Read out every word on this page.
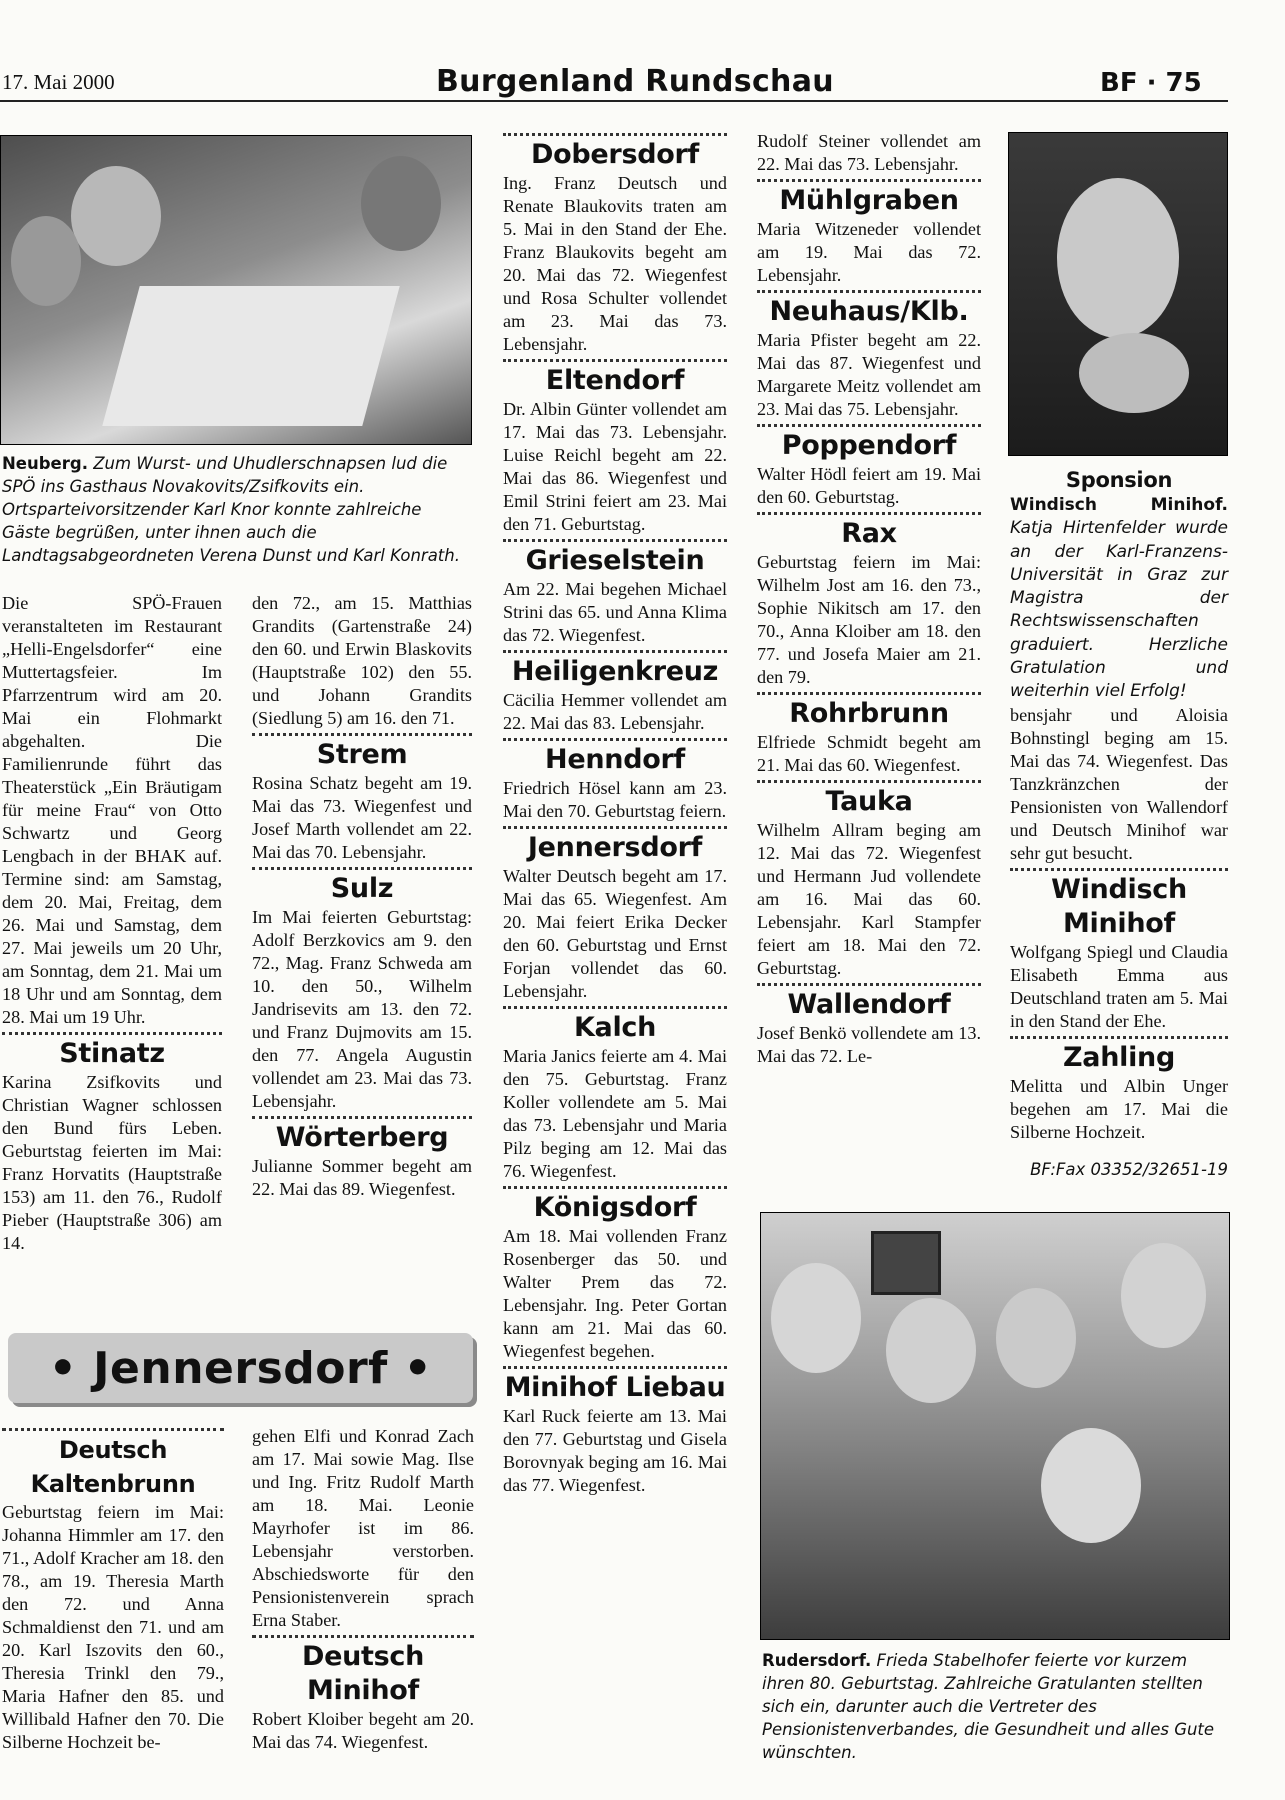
17. Mai 2000	Burgenland Rundschau	BF · 75
Neuberg. Zum Wurst- und Uhudlerschnapsen lud die SPÖ ins Gasthaus Novakovits/Zsifkovits ein. Ortsparteivorsitzender Karl Knor konnte zahlreiche Gäste begrüßen, unter ihnen auch die Landtagsabgeordneten Verena Dunst und Karl Konrath.

Die SPÖ-Frauen veranstalteten im Restaurant „Helli-Engelsdorfer“ eine Muttertagsfeier. Im Pfarrzentrum wird am 20. Mai ein Flohmarkt abgehalten. Die Familienrunde führt das Theaterstück „Ein Bräutigam für meine Frau“ von Otto Schwartz und Georg Lengbach in der BHAK auf. Termine sind: am Samstag, dem 20. Mai, Freitag, dem 26. Mai und Samstag, dem 27. Mai jeweils um 20 Uhr, am Sonntag, dem 21. Mai um 18 Uhr und am Sonntag, dem 28. Mai um 19 Uhr.

Stinatz

Karina Zsifkovits und Christian Wagner schlossen den Bund fürs Leben. Geburtstag feierten im Mai: Franz Horvatits (Hauptstraße 153) am 11. den 76., Rudolf Pieber (Hauptstraße 306) am 14.

den 72., am 15. Matthias Grandits (Gartenstraße 24) den 60. und Erwin Blaskovits (Hauptstraße 102) den 55. und Johann Grandits (Siedlung 5) am 16. den 71.

Strem

Rosina Schatz begeht am 19. Mai das 73. Wiegenfest und Josef Marth vollendet am 22. Mai das 70. Lebensjahr.

Sulz

Im Mai feierten Geburtstag: Adolf Berzkovics am 9. den 72., Mag. Franz Schweda am 10. den 50., Wilhelm Jandrisevits am 13. den 72. und Franz Dujmovits am 15. den 77. Angela Augustin vollendet am 23. Mai das 73. Lebensjahr.

Wörterberg

Julianne Sommer begeht am 22. Mai das 89. Wiegenfest.

Dobersdorf

Ing. Franz Deutsch und Renate Blaukovits traten am 5. Mai in den Stand der Ehe. Franz Blaukovits begeht am 20. Mai das 72. Wiegenfest und Rosa Schulter vollendet am 23. Mai das 73. Lebensjahr.

Eltendorf

Dr. Albin Günter vollendet am 17. Mai das 73. Lebensjahr. Luise Reichl begeht am 22. Mai das 86. Wiegenfest und Emil Strini feiert am 23. Mai den 71. Geburtstag.

Grieselstein

Am 22. Mai begehen Michael Strini das 65. und Anna Klima das 72. Wiegenfest.

Heiligenkreuz

Cäcilia Hemmer vollendet am 22. Mai das 83. Lebensjahr.

Henndorf

Friedrich Hösel kann am 23. Mai den 70. Geburtstag feiern.

Jennersdorf

Walter Deutsch begeht am 17. Mai das 65. Wiegenfest. Am 20. Mai feiert Erika Decker den 60. Geburtstag und Ernst Forjan vollendet das 60. Lebensjahr.

Kalch

Maria Janics feierte am 4. Mai den 75. Geburtstag. Franz Koller vollendete am 5. Mai das 73. Lebensjahr und Maria Pilz beging am 12. Mai das 76. Wiegenfest.

Königsdorf

Am 18. Mai vollenden Franz Rosenberger das 50. und Walter Prem das 72. Lebensjahr. Ing. Peter Gortan kann am 21. Mai das 60. Wiegenfest begehen.

Minihof Liebau

Karl Ruck feierte am 13. Mai den 77. Geburtstag und Gisela Borovnyak beging am 16. Mai das 77. Wiegenfest.

Rudolf Steiner vollendet am 22. Mai das 73. Lebensjahr.

Mühlgraben

Maria Witzeneder vollendet am 19. Mai das 72. Lebensjahr.

Neuhaus/Klb.

Maria Pfister begeht am 22. Mai das 87. Wiegenfest und Margarete Meitz vollendet am 23. Mai das 75. Lebensjahr.

Poppendorf

Walter Hödl feiert am 19. Mai den 60. Geburtstag.

Rax

Geburtstag feiern im Mai: Wilhelm Jost am 16. den 73., Sophie Nikitsch am 17. den 70., Anna Kloiber am 18. den 77. und Josefa Maier am 21. den 79.

Rohrbrunn

Elfriede Schmidt begeht am 21. Mai das 60. Wiegenfest.

Tauka

Wilhelm Allram beging am 12. Mai das 72. Wiegenfest und Hermann Jud vollendete am 16. Mai das 60. Lebensjahr. Karl Stampfer feiert am 18. Mai den 72. Geburtstag.

Wallendorf

Josef Benkö vollendete am 13. Mai das 72. Le-

Sponsion
Windisch Minihof. Katja Hirtenfelder wurde an der Karl-Franzens-Universität in Graz zur Magistra der Rechtswissenschaften graduiert. Herzliche Gratulation und weiterhin viel Erfolg!

bensjahr und Aloisia Bohnstingl beging am 15. Mai das 74. Wiegenfest. Das Tanzkränzchen der Pensionisten von Wallendorf und Deutsch Minihof war sehr gut besucht.

Windisch Minihof

Wolfgang Spiegl und Claudia Elisabeth Emma aus Deutschland traten am 5. Mai in den Stand der Ehe.

Zahling

Melitta und Albin Unger begehen am 17. Mai die Silberne Hochzeit.

BF:Fax 03352/32651-19
• Jennersdorf •
Deutsch Kaltenbrunn

Geburtstag feiern im Mai: Johanna Himmler am 17. den 71., Adolf Kracher am 18. den 78., am 19. Theresia Marth den 72. und Anna Schmaldienst den 71. und am 20. Karl Iszovits den 60., Theresia Trinkl den 79., Maria Hafner den 85. und Willibald Hafner den 70. Die Silberne Hochzeit be-

gehen Elfi und Konrad Zach am 17. Mai sowie Mag. Ilse und Ing. Fritz Rudolf Marth am 18. Mai. Leonie Mayrhofer ist im 86. Lebensjahr verstorben. Abschiedsworte für den Pensionistenverein sprach Erna Staber.

Deutsch Minihof

Robert Kloiber begeht am 20. Mai das 74. Wiegenfest.

Rudersdorf. Frieda Stabelhofer feierte vor kurzem ihren 80. Geburtstag. Zahlreiche Gratulanten stellten sich ein, darunter auch die Vertreter des Pensionistenverbandes, die Gesundheit und alles Gute wünschten.
